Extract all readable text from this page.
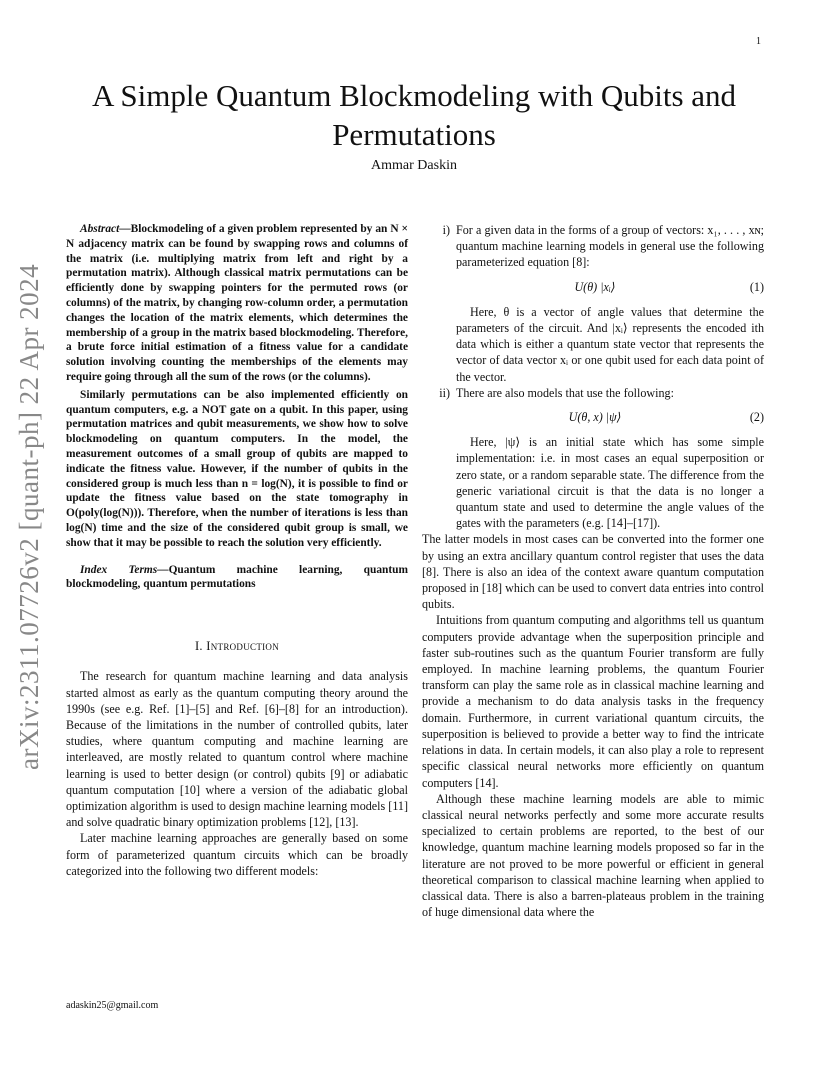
1
A Simple Quantum Blockmodeling with Qubits and Permutations
Ammar Daskin
arXiv:2311.07726v2 [quant-ph] 22 Apr 2024

Abstract—Blockmodeling of a given problem represented by an N × N adjacency matrix can be found by swapping rows and columns of the matrix (i.e. multiplying matrix from left and right by a permutation matrix). Although classical matrix permutations can be efficiently done by swapping pointers for the permuted rows (or columns) of the matrix, by changing row-column order, a permutation changes the location of the matrix elements, which determines the membership of a group in the matrix based blockmodeling. Therefore, a brute force initial estimation of a fitness value for a candidate solution involving counting the memberships of the elements may require going through all the sum of the rows (or the columns).

Similarly permutations can be also implemented efficiently on quantum computers, e.g. a NOT gate on a qubit. In this paper, using permutation matrices and qubit measurements, we show how to solve blockmodeling on quantum computers. In the model, the measurement outcomes of a small group of qubits are mapped to indicate the fitness value. However, if the number of qubits in the considered group is much less than n = log(N), it is possible to find or update the fitness value based on the state tomography in O(poly(log(N))). Therefore, when the number of iterations is less than log(N) time and the size of the considered qubit group is small, we show that it may be possible to reach the solution very efficiently.

Index Terms—Quantum machine learning, quantum blockmodeling, quantum permutations

I. Introduction

The research for quantum machine learning and data analysis started almost as early as the quantum computing theory around the 1990s (see e.g. Ref. [1]–[5] and Ref. [6]–[8] for an introduction). Because of the limitations in the number of controlled qubits, later studies, where quantum computing and machine learning are interleaved, are mostly related to quantum control where machine learning is used to better design (or control) qubits [9] or adiabatic quantum computation [10] where a version of the adiabatic global optimization algorithm is used to design machine learning models [11] and solve quadratic binary optimization problems [12], [13].

Later machine learning approaches are generally based on some form of parameterized quantum circuits which can be broadly categorized into the following two different models:

i) For a given data in the forms of a group of vectors: x₁, . . . , xɴ; quantum machine learning models in general use the following parameterized equation [8]:

U(θ) |xᵢ⟩	(1)

Here, θ is a vector of angle values that determine the parameters of the circuit. And |xᵢ⟩ represents the encoded ith data which is either a quantum state vector that represents the vector of data vector xᵢ or one qubit used for each data point of the vector.

ii) There are also models that use the following:

U(θ, x) |ψ⟩	(2)

Here, |ψ⟩ is an initial state which has some simple implementation: i.e. in most cases an equal superposition or zero state, or a random separable state. The difference from the generic variational circuit is that the data is no longer a quantum state and used to determine the angle values of the gates with the parameters (e.g. [14]–[17]).

The latter models in most cases can be converted into the former one by using an extra ancillary quantum control register that uses the data [8]. There is also an idea of the context aware quantum computation proposed in [18] which can be used to convert data entries into control qubits.

Intuitions from quantum computing and algorithms tell us quantum computers provide advantage when the superposition principle and faster sub-routines such as the quantum Fourier transform are fully employed. In machine learning problems, the quantum Fourier transform can play the same role as in classical machine learning and provide a mechanism to do data analysis tasks in the frequency domain. Furthermore, in current variational quantum circuits, the superposition is believed to provide a better way to find the intricate relations in data. In certain models, it can also play a role to represent specific classical neural networks more efficiently on quantum computers [14].

Although these machine learning models are able to mimic classical neural networks perfectly and some more accurate results specialized to certain problems are reported, to the best of our knowledge, quantum machine learning models proposed so far in the literature are not proved to be more powerful or efficient in general theoretical comparison to classical machine learning when applied to classical data. There is also a barren-plateaus problem in the training of huge dimensional data where the

adaskin25@gmail.com
